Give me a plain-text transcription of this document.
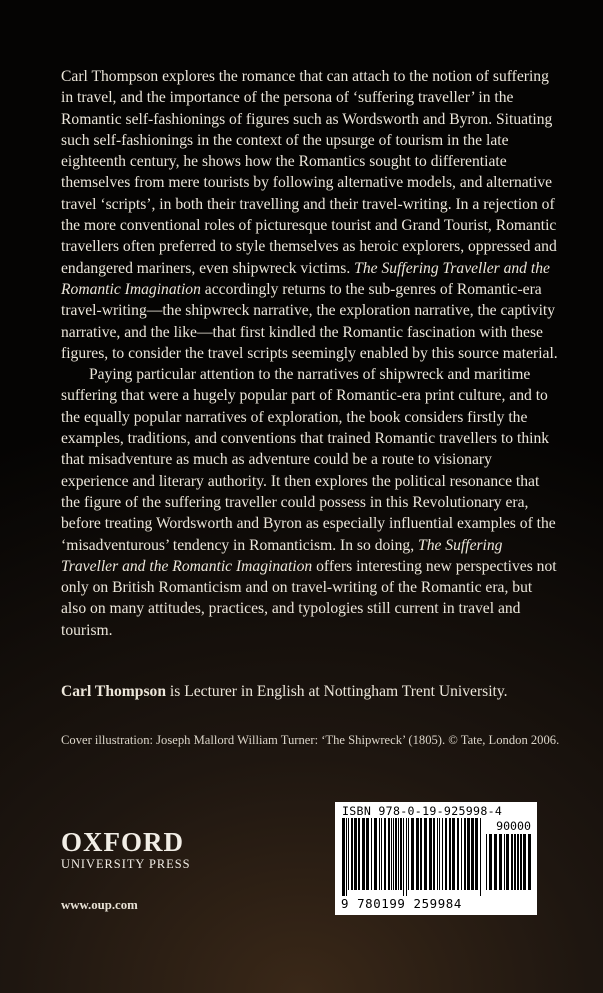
Carl Thompson explores the romance that can attach to the notion of suffering in travel, and the importance of the persona of ‘suffering traveller’ in the Romantic self-fashionings of figures such as Wordsworth and Byron. Situating such self-fashionings in the context of the upsurge of tourism in the late eighteenth century, he shows how the Romantics sought to differentiate themselves from mere tourists by following alternative models, and alternative travel ‘scripts’, in both their travelling and their travel-writing. In a rejection of the more conventional roles of picturesque tourist and Grand Tourist, Romantic travellers often preferred to style themselves as heroic explorers, oppressed and endangered mariners, even shipwreck victims. The Suffering Traveller and the Romantic Imagination accordingly returns to the sub-genres of Romantic-era travel-writing—the shipwreck narrative, the exploration narrative, the captivity narrative, and the like—that first kindled the Romantic fascination with these figures, to consider the travel scripts seemingly enabled by this source material.

Paying particular attention to the narratives of shipwreck and maritime suffering that were a hugely popular part of Romantic-era print culture, and to the equally popular narratives of exploration, the book considers firstly the examples, traditions, and conventions that trained Romantic travellers to think that misadventure as much as adventure could be a route to visionary experience and literary authority. It then explores the political resonance that the figure of the suffering traveller could possess in this Revolutionary era, before treating Wordsworth and Byron as especially influential examples of the ‘misadventurous’ tendency in Romanticism. In so doing, The Suffering Traveller and the Romantic Imagination offers interesting new perspectives not only on British Romanticism and on travel-writing of the Romantic era, but also on many attitudes, practices, and typologies still current in travel and tourism.

Carl Thompson is Lecturer in English at Nottingham Trent University.
Cover illustration: Joseph Mallord William Turner: ‘The Shipwreck’ (1805). © Tate, London 2006.
OXFORD
UNIVERSITY PRESS
www.oup.com
ISBN 978-0-19-925998-4
90000
9 780199 259984
